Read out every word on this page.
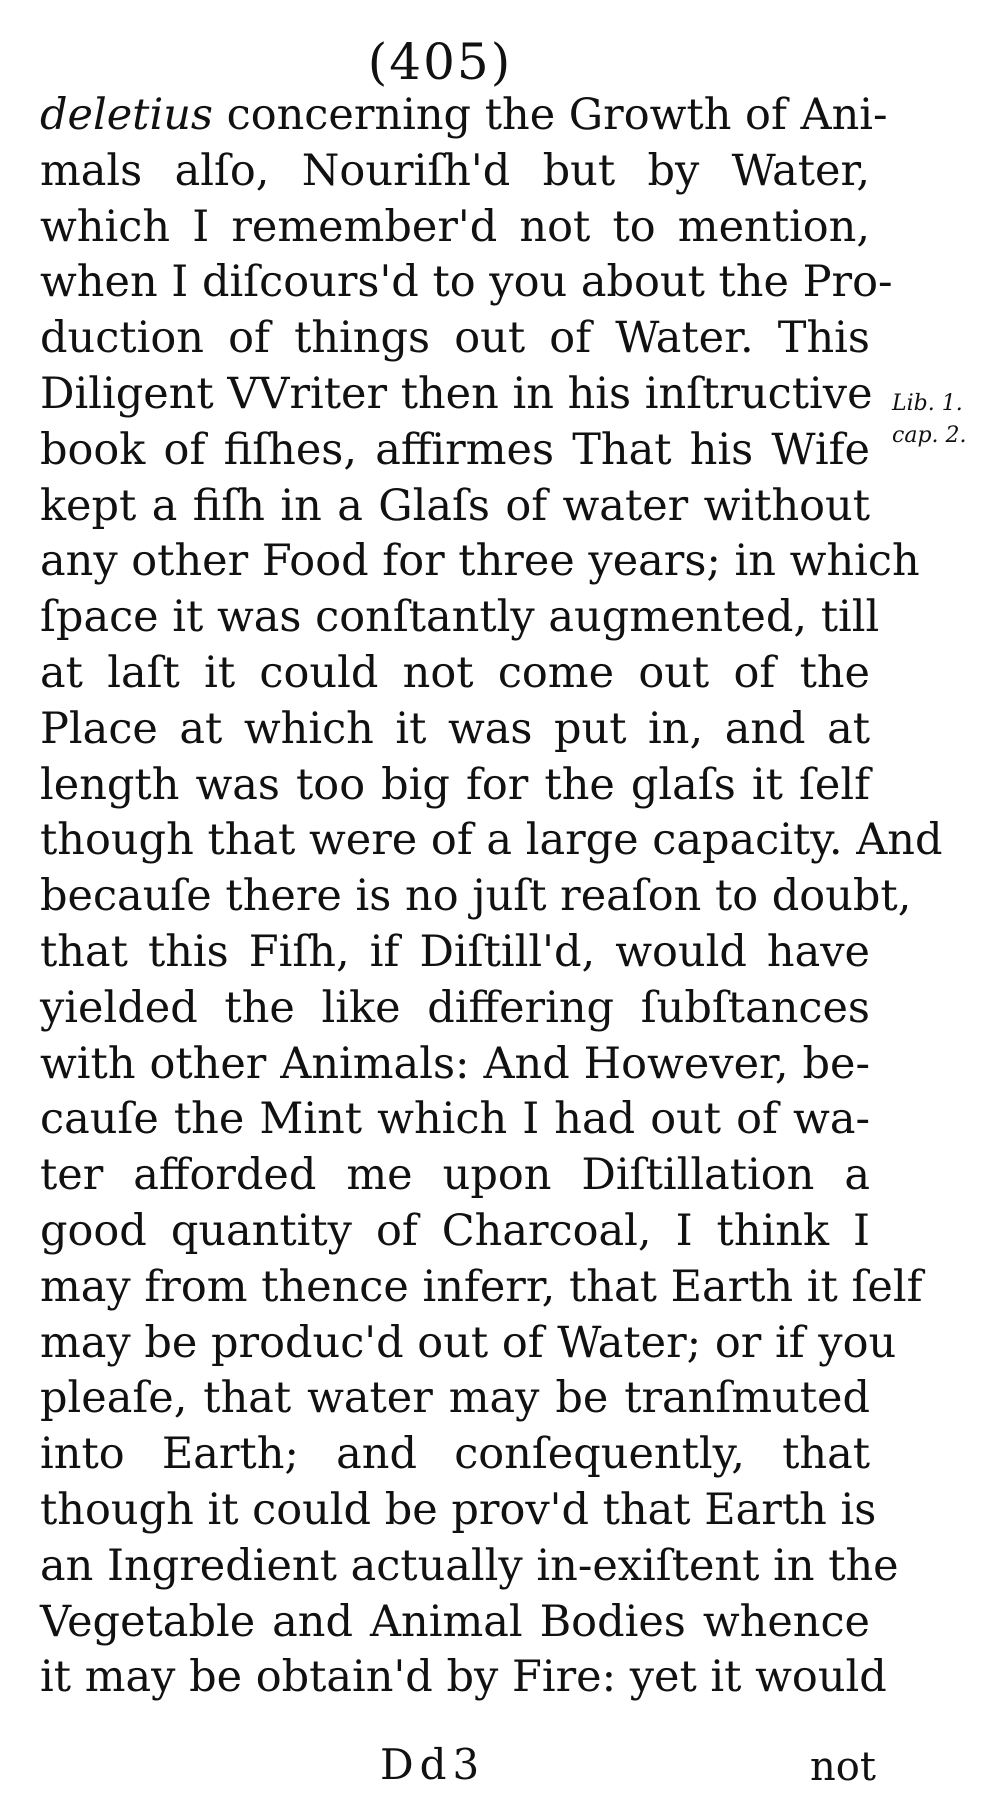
(405)
deletius concerning the Growth of Ani-
mals alſo, Nouriſh'd but by Water,
which I remember'd not to mention,
when I diſcours'd to you about the Pro-
duction of things out of Water. This
Diligent VVriter then in his inſtructive
book of fiſhes, affirmes That his Wife
kept a fiſh in a Glaſs of water without
any other Food for three years; in which
ſpace it was conſtantly augmented, till
at laſt it could not come out of the
Place at which it was put in, and at
length was too big for the glaſs it ſelf
though that were of a large capacity. And
becauſe there is no juſt reaſon to doubt,
that this Fiſh, if Diſtill'd, would have
yielded the like differing ſubſtances
with other Animals: And However, be-
cauſe the Mint which I had out of wa-
ter afforded me upon Diſtillation a
good quantity of Charcoal, I think I
may from thence inferr, that Earth it ſelf
may be produc'd out of Water; or if you
pleaſe, that water may be tranſmuted
into Earth; and conſequently, that
though it could be prov'd that Earth is
an Ingredient actually in-exiſtent in the
Vegetable and Animal Bodies whence
it may be obtain'd by Fire: yet it would
Lib. 1.
cap. 2.
Dd3	not
